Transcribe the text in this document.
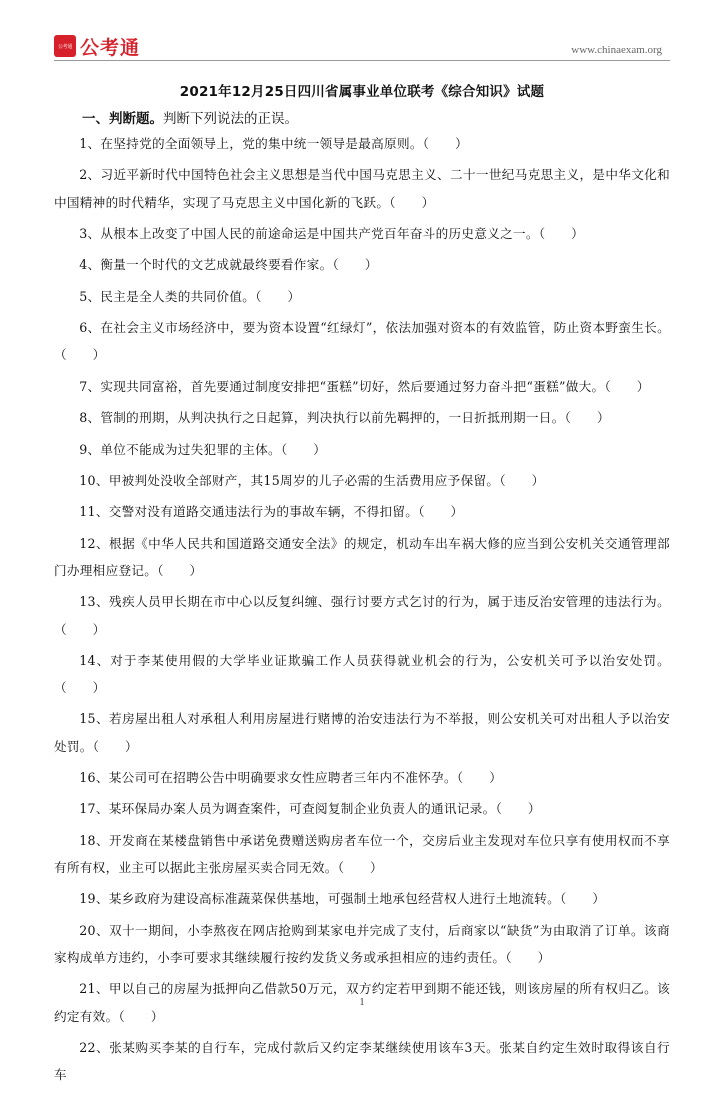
公考通 公考通	www.chinaexam.org
2021年12月25日四川省属事业单位联考《综合知识》试题
一、判断题。判断下列说法的正误。

1、在坚持党的全面领导上，党的集中统一领导是最高原则。（　　）

2、习近平新时代中国特色社会主义思想是当代中国马克思主义、二十一世纪马克思主义，是中华文化和中国精神的时代精华，实现了马克思主义中国化新的飞跃。（　　）

3、从根本上改变了中国人民的前途命运是中国共产党百年奋斗的历史意义之一。（　　）

4、衡量一个时代的文艺成就最终要看作家。（　　）

5、民主是全人类的共同价值。（　　）

6、在社会主义市场经济中，要为资本设置“红绿灯”，依法加强对资本的有效监管，防止资本野蛮生长。（　　）

7、实现共同富裕，首先要通过制度安排把“蛋糕”切好，然后要通过努力奋斗把“蛋糕”做大。（　　）

8、管制的刑期，从判决执行之日起算，判决执行以前先羁押的，一日折抵刑期一日。（　　）

9、单位不能成为过失犯罪的主体。（　　）

10、甲被判处没收全部财产，其15周岁的儿子必需的生活费用应予保留。（　　）

11、交警对没有道路交通违法行为的事故车辆，不得扣留。（　　）

12、根据《中华人民共和国道路交通安全法》的规定，机动车出车祸大修的应当到公安机关交通管理部门办理相应登记。（　　）

13、残疾人员甲长期在市中心以反复纠缠、强行讨要方式乞讨的行为，属于违反治安管理的违法行为。（　　）

14、对于李某使用假的大学毕业证欺骗工作人员获得就业机会的行为，公安机关可予以治安处罚。（　　）

15、若房屋出租人对承租人利用房屋进行赌博的治安违法行为不举报，则公安机关可对出租人予以治安处罚。（　　）

16、某公司可在招聘公告中明确要求女性应聘者三年内不准怀孕。（　　）

17、某环保局办案人员为调查案件，可查阅复制企业负责人的通讯记录。（　　）

18、开发商在某楼盘销售中承诺免费赠送购房者车位一个，交房后业主发现对车位只享有使用权而不享有所有权，业主可以据此主张房屋买卖合同无效。（　　）

19、某乡政府为建设高标准蔬菜保供基地，可强制土地承包经营权人进行土地流转。（　　）

20、双十一期间，小李熬夜在网店抢购到某家电并完成了支付，后商家以“缺货”为由取消了订单。该商家构成单方违约，小李可要求其继续履行按约发货义务或承担相应的违约责任。（　　）

21、甲以自己的房屋为抵押向乙借款50万元，双方约定若甲到期不能还钱，则该房屋的所有权归乙。该约定有效。（　　）

22、张某购买李某的自行车，完成付款后又约定李某继续使用该车3天。张某自约定生效时取得该自行车

1
